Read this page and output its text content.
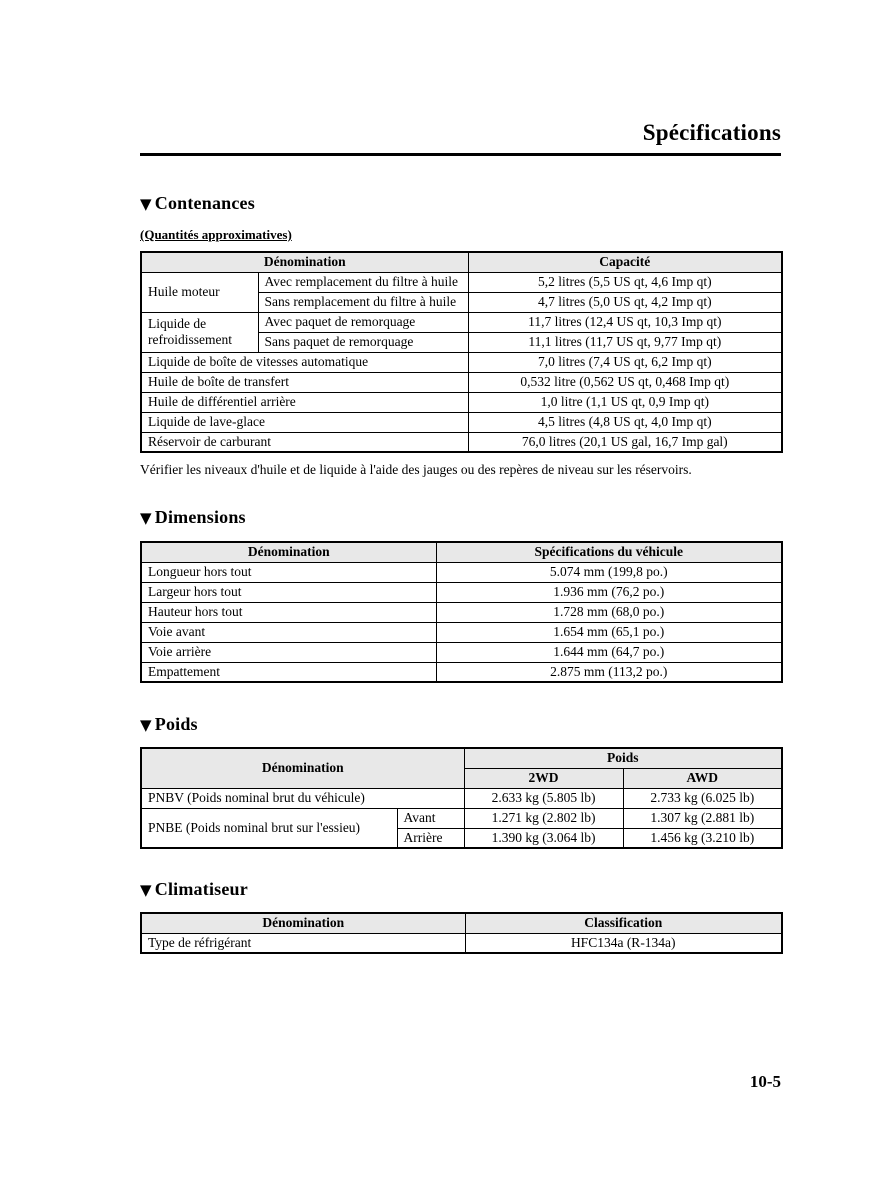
Spécifications
▼ Contenances
(Quantités approximatives)
Dénomination		Capacité
Huile moteur	Avec remplacement du filtre à huile	5,2 litres (5,5 US qt, 4,6 Imp qt)
	Sans remplacement du filtre à huile	4,7 litres (5,0 US qt, 4,2 Imp qt)
Liquide de refroidissement	Avec paquet de remorquage	11,7 litres (12,4 US qt, 10,3 Imp qt)
	Sans paquet de remorquage	11,1 litres (11,7 US qt, 9,77 Imp qt)
Liquide de boîte de vitesses automatique		7,0 litres (7,4 US qt, 6,2 Imp qt)
Huile de boîte de transfert		0,532 litre (0,562 US qt, 0,468 Imp qt)
Huile de différentiel arrière		1,0 litre (1,1 US qt, 0,9 Imp qt)
Liquide de lave-glace		4,5 litres (4,8 US qt, 4,0 Imp qt)
Réservoir de carburant		76,0 litres (20,1 US gal, 16,7 Imp gal)
Vérifier les niveaux d'huile et de liquide à l'aide des jauges ou des repères de niveau sur les réservoirs.
▼ Dimensions
Dénomination	Spécifications du véhicule
Longueur hors tout	5.074 mm (199,8 po.)
Largeur hors tout	1.936 mm (76,2 po.)
Hauteur hors tout	1.728 mm (68,0 po.)
Voie avant	1.654 mm (65,1 po.)
Voie arrière	1.644 mm (64,7 po.)
Empattement	2.875 mm (113,2 po.)
▼ Poids
Dénomination		Poids	
		2WD	AWD
PNBV (Poids nominal brut du véhicule)		2.633 kg (5.805 lb)	2.733 kg (6.025 lb)
PNBE (Poids nominal brut sur l'essieu)	Avant	1.271 kg (2.802 lb)	1.307 kg (2.881 lb)
	Arrière	1.390 kg (3.064 lb)	1.456 kg (3.210 lb)
▼ Climatiseur
Dénomination	Classification
Type de réfrigérant	HFC134a (R-134a)
10-5
